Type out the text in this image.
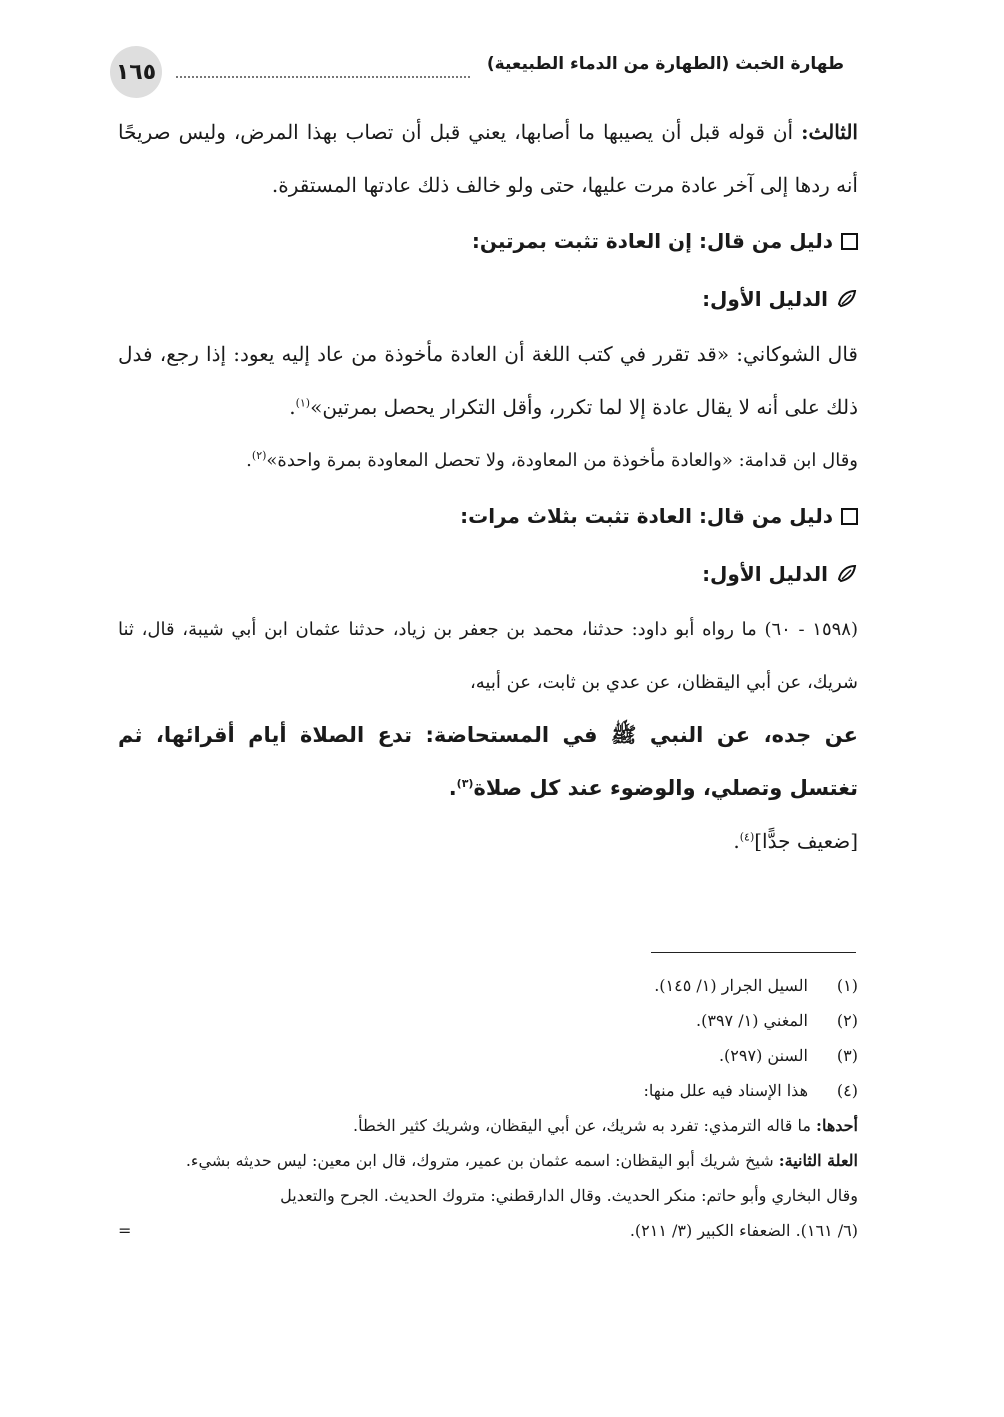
١٦٥	طهارة الخبث (الطهارة من الدماء الطبيعية)

الثالث: أن قوله قبل أن يصيبها ما أصابها، يعني قبل أن تصاب بهذا المرض، وليس صريحًا أنه ردها إلى آخر عادة مرت عليها، حتى ولو خالف ذلك عادتها المستقرة.

دليل من قال: إن العادة تثبت بمرتين:
الدليل الأول:

قال الشوكاني: «قد تقرر في كتب اللغة أن العادة مأخوذة من عاد إليه يعود: إذا رجع، فدل ذلك على أنه لا يقال عادة إلا لما تكرر، وأقل التكرار يحصل بمرتين»$^{(١)}$.

وقال ابن قدامة: «والعادة مأخوذة من المعاودة، ولا تحصل المعاودة بمرة واحدة»$^{(٢)}$.

دليل من قال: العادة تثبت بثلاث مرات:
الدليل الأول:

(١٥٩٨ - ٦٠) ما رواه أبو داود: حدثنا، محمد بن جعفر بن زياد، حدثنا عثمان ابن أبي شيبة، قال، ثنا شريك، عن أبي اليقظان، عن عدي بن ثابت، عن أبيه،

عن جده، عن النبي ﷺ في المستحاضة: تدع الصلاة أيام أقرائها، ثم تغتسل وتصلي، والوضوء عند كل صلاة$^{(٣)}$.

[ضعيف جدًّا]$^{(٤)}$.

(١)
السيل الجرار (١/ ١٤٥).
(٢)
المغني (١/ ٣٩٧).
(٣)
السنن (٢٩٧).
(٤)
هذا الإسناد فيه علل منها:

أحدها: ما قاله الترمذي: تفرد به شريك، عن أبي اليقظان، وشريك كثير الخطأ.

العلة الثانية: شيخ شريك أبو اليقظان: اسمه عثمان بن عمير، متروك، قال ابن معين: ليس حديثه بشيء.

وقال البخاري وأبو حاتم: منكر الحديث. وقال الدارقطني: متروك الحديث. الجرح والتعديل

(٦/ ١٦١). الضعفاء الكبير (٣/ ٢١١).
=
